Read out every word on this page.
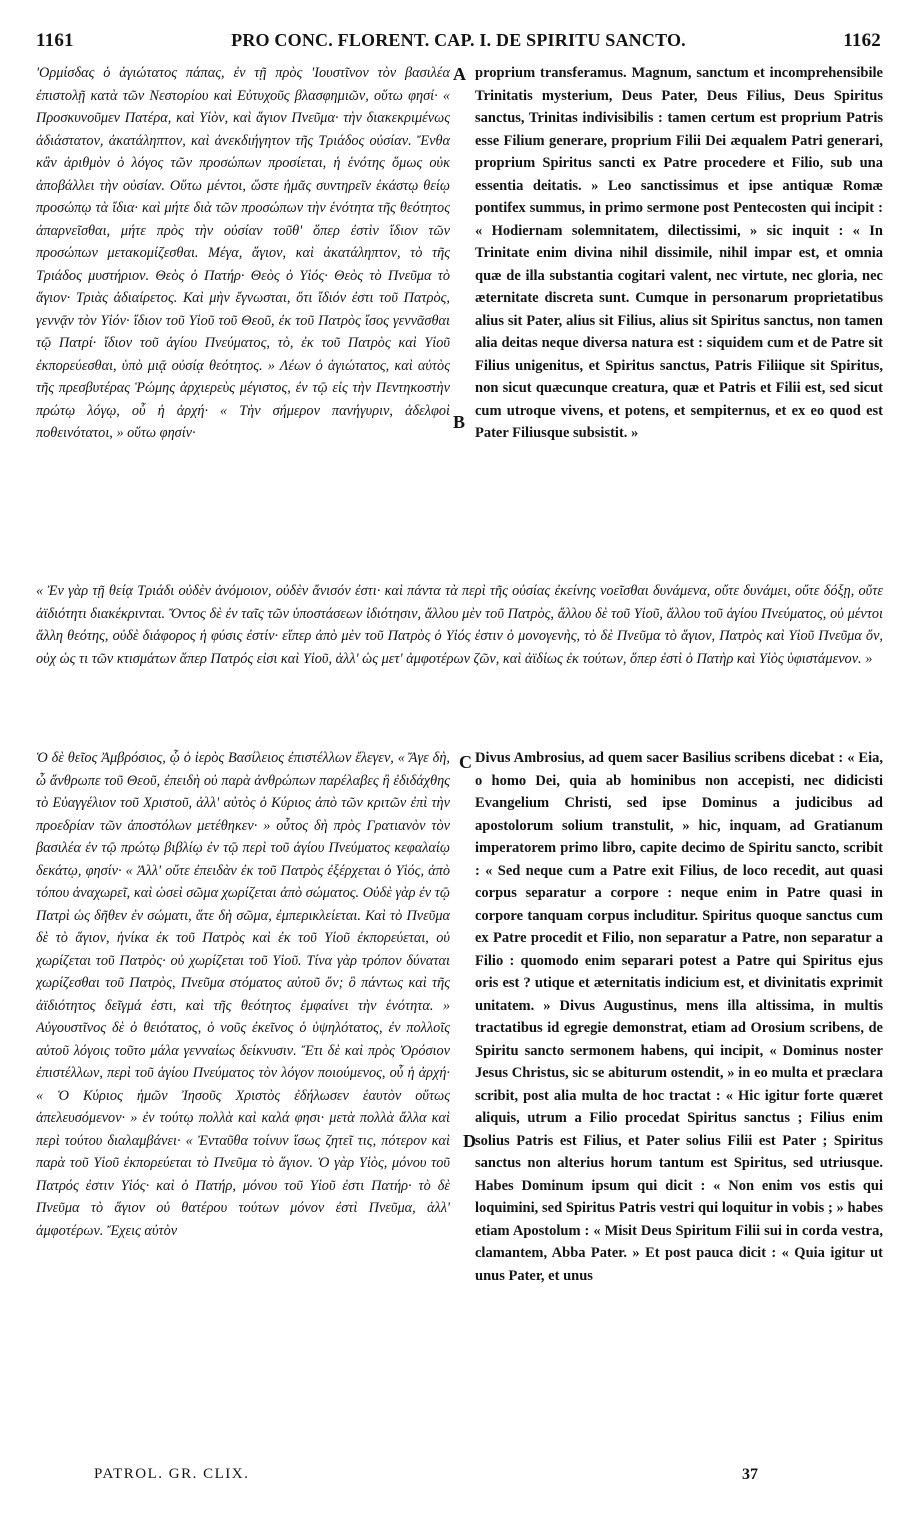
1161	PRO CONC. FLORENT. CAP. I. DE SPIRITU SANCTO.	1162
'Ορμίσδας ὁ ἁγιώτατος πάπας, ἐν τῇ πρὸς 'Ιουστῖνον τὸν βασιλέα ἐπιστολῇ κατὰ τῶν Νεστορίου καὶ Εὐτυχοῦς βλασφημιῶν, οὕτω φησί· « Προσκυνοῦμεν Πατέρα, καὶ Υἱὸν, καὶ ἅγιον Πνεῦμα· τὴν διακεκριμένως ἀδιάστατον, ἀκατάληπτον, καὶ ἀνεκδιήγητον τῆς Τριάδος οὐσίαν. Ἔνθα κἂν ἀριθμὸν ὁ λόγος τῶν προσώπων προσίεται, ἡ ἑνότης ὅμως οὐκ ἀποβάλλει τὴν οὐσίαν. Οὕτω μέντοι, ὥστε ἡμᾶς συντηρεῖν ἑκάστῳ θείῳ προσώπῳ τὰ ἴδια· καὶ μήτε διὰ τῶν προσώπων τὴν ἑνότητα τῆς θεότητος ἀπαρνεῖσθαι, μήτε πρὸς τὴν οὐσίαν τοῦθ' ὅπερ ἐστὶν ἴδιον τῶν προσώπων μετακομίζεσθαι. Μέγα, ἅγιον, καὶ ἀκατάληπτον, τὸ τῆς Τριάδος μυστήριον. Θεὸς ὁ Πατήρ· Θεὸς ὁ Υἱός· Θεὸς τὸ Πνεῦμα τὸ ἅγιον· Τριὰς ἀδιαίρετος. Καὶ μὴν ἔγνωσται, ὅτι ἴδιόν ἐστι τοῦ Πατρὸς, γεννᾷν τὸν Υἱόν· ἴδιον τοῦ Υἱοῦ τοῦ Θεοῦ, ἐκ τοῦ Πατρὸς ἴσος γεννᾶσθαι τῷ Πατρί· ἴδιον τοῦ ἁγίου Πνεύματος, τὸ, ἐκ τοῦ Πατρὸς καὶ Υἱοῦ ἐκπορεύεσθαι, ὑπὸ μιᾷ οὐσίᾳ θεότητος. » Λέων ὁ ἁγιώτατος, καὶ αὐτὸς τῆς πρεσβυτέρας Ῥώμης ἀρχιερεὺς μέγιστος, ἐν τῷ εἰς τὴν Πεντηκοστὴν πρώτῳ λόγῳ, οὗ ἡ ἀρχή· « Τὴν σήμερον πανήγυριν, ἀδελφοὶ ποθεινότατοι, » οὕτω φησίν·
proprium transferamus. Magnum, sanctum et incomprehensibile Trinitatis mysterium, Deus Pater, Deus Filius, Deus Spiritus sanctus, Trinitas indivisibilis : tamen certum est proprium Patris esse Filium generare, proprium Filii Dei æqualem Patri generari, proprium Spiritus sancti ex Patre procedere et Filio, sub una essentia deitatis. » Leo sanctissimus et ipse antiquæ Romæ pontifex summus, in primo sermone post Pentecosten qui incipit : « Hodiernam solemnitatem, dilectissimi, » sic inquit : « In Trinitate enim divina nihil dissimile, nihil impar est, et omnia quæ de illa substantia cogitari valent, nec virtute, nec gloria, nec æternitate discreta sunt. Cumque in personarum proprietatibus alius sit Pater, alius sit Filius, alius sit Spiritus sanctus, non tamen alia deitas neque diversa natura est : siquidem cum et de Patre sit Filius unigenitus, et Spiritus sanctus, Patris Filiique sit Spiritus, non sicut quæcunque creatura, quæ et Patris et Filii est, sed sicut cum utroque vivens, et potens, et sempiternus, et ex eo quod est Pater Filiusque subsistit. »
« Ἐν γὰρ τῇ θείᾳ Τριάδι οὐδὲν ἀνόμοιον, οὐδὲν ἄνισόν ἐστι· καὶ πάντα τὰ περὶ τῆς οὐσίας ἐκείνης νοεῖσθαι δυνάμενα, οὔτε δυνάμει, οὔτε δόξῃ, οὔτε ἀϊδιότητι διακέκρινται. Ὄντος δὲ ἐν ταῖς τῶν ὑποστάσεων ἰδιότησιν, ἄλλου μὲν τοῦ Πατρὸς, ἄλλου δὲ τοῦ Υἱοῦ, ἄλλου τοῦ ἁγίου Πνεύματος, οὐ μέντοι ἄλλη θεότης, οὐδὲ διάφορος ἡ φύσις ἐστίν· εἴπερ ἀπὸ μὲν τοῦ Πατρὸς ὁ Υἱός ἐστιν ὁ μονογενὴς, τὸ δὲ Πνεῦμα τὸ ἅγιον, Πατρὸς καὶ Υἱοῦ Πνεῦμα ὄν, οὐχ ὡς τι τῶν κτισμάτων ἅπερ Πατρός εἰσι καὶ Υἱοῦ, ἀλλ' ὡς μετ' ἀμφοτέρων ζῶν, καὶ ἀϊδίως ἐκ τούτων, ὅπερ ἐστὶ ὁ Πατὴρ καὶ Υἱὸς ὑφιστάμενον. »
Ὁ δὲ θεῖος Ἀμβρόσιος, ᾧ ὁ ἱερὸς Βασίλειος ἐπιστέλλων ἔλεγεν, « Ἄγε δὴ, ὦ ἄνθρωπε τοῦ Θεοῦ, ἐπειδὴ οὐ παρὰ ἀνθρώπων παρέλαβες ἢ ἐδιδάχθης τὸ Εὐαγγέλιον τοῦ Χριστοῦ, ἀλλ' αὐτὸς ὁ Κύριος ἀπὸ τῶν κριτῶν ἐπὶ τὴν προεδρίαν τῶν ἀποστόλων μετέθηκεν· » οὗτος δὴ πρὸς Γρατιανὸν τὸν βασιλέα ἐν τῷ πρώτῳ βιβλίῳ ἐν τῷ περὶ τοῦ ἁγίου Πνεύματος κεφαλαίῳ δεκάτῳ, φησίν· « Ἀλλ' οὔτε ἐπειδὰν ἐκ τοῦ Πατρὸς ἐξέρχεται ὁ Υἱός, ἀπὸ τόπου ἀναχωρεῖ, καὶ ὡσεὶ σῶμα χωρίζεται ἀπὸ σώματος. Οὐδὲ γὰρ ἐν τῷ Πατρὶ ὡς δῆθεν ἐν σώματι, ἅτε δὴ σῶμα, ἐμπερικλείεται. Καὶ τὸ Πνεῦμα δὲ τὸ ἅγιον, ἡνίκα ἐκ τοῦ Πατρὸς καὶ ἐκ τοῦ Υἱοῦ ἐκπορεύεται, οὐ χωρίζεται τοῦ Πατρὸς· οὐ χωρίζεται τοῦ Υἱοῦ. Τίνα γὰρ τρόπον δύναται χωρίζεσθαι τοῦ Πατρὸς, Πνεῦμα στόματος αὐτοῦ ὄν; ὃ πάντως καὶ τῆς ἀϊδιότητος δεῖγμά ἐστι, καὶ τῆς θεότητος ἐμφαίνει τὴν ἑνότητα. » Αὐγουστῖνος δὲ ὁ θειότατος, ὁ νοῦς ἐκεῖνος ὁ ὑψηλότατος, ἐν πολλοῖς αὐτοῦ λόγοις τοῦτο μάλα γενναίως δείκνυσιν. Ἔτι δὲ καὶ πρὸς Ὀρόσιον ἐπιστέλλων, περὶ τοῦ ἁγίου Πνεύματος τὸν λόγον ποιούμενος, οὗ ἡ ἀρχή· « Ὁ Κύριος ἡμῶν Ἰησοῦς Χριστὸς ἐδήλωσεν ἑαυτὸν οὕτως ἀπελευσόμενον· » ἐν τούτῳ πολλὰ καὶ καλά φησι· μετὰ πολλὰ ἄλλα καὶ περὶ τούτου διαλαμβάνει· « Ἐνταῦθα τοίνυν ἴσως ζητεῖ τις, πότερον καὶ παρὰ τοῦ Υἱοῦ ἐκπορεύεται τὸ Πνεῦμα τὸ ἅγιον. Ὁ γὰρ Υἱὸς, μόνου τοῦ Πατρός ἐστιν Υἱός· καὶ ὁ Πατήρ, μόνου τοῦ Υἱοῦ ἐστι Πατήρ· τὸ δὲ Πνεῦμα τὸ ἅγιον οὐ θατέρου τούτων μόνον ἐστὶ Πνεῦμα, ἀλλ' ἀμφοτέρων. Ἔχεις αὐτὸν
Divus Ambrosius, ad quem sacer Basilius scribens dicebat : « Eia, o homo Dei, quia ab hominibus non accepisti, nec didicisti Evangelium Christi, sed ipse Dominus a judicibus ad apostolorum solium transtulit, » hic, inquam, ad Gratianum imperatorem primo libro, capite decimo de Spiritu sancto, scribit : « Sed neque cum a Patre exit Filius, de loco recedit, aut quasi corpus separatur a corpore : neque enim in Patre quasi in corpore tanquam corpus includitur. Spiritus quoque sanctus cum ex Patre procedit et Filio, non separatur a Patre, non separatur a Filio : quomodo enim separari potest a Patre qui Spiritus ejus oris est ? utique et æternitatis indicium est, et divinitatis exprimit unitatem. » Divus Augustinus, mens illa altissima, in multis tractatibus id egregie demonstrat, etiam ad Orosium scribens, de Spiritu sancto sermonem habens, qui incipit, « Dominus noster Jesus Christus, sic se abiturum ostendit, » in eo multa et præclara scribit, post alia multa de hoc tractat : « Hic igitur forte quæret aliquis, utrum a Filio procedat Spiritus sanctus ; Filius enim solius Patris est Filius, et Pater solius Filii est Pater ; Spiritus sanctus non alterius horum tantum est Spiritus, sed utriusque. Habes Dominum ipsum qui dicit : « Non enim vos estis qui loquimini, sed Spiritus Patris vestri qui loquitur in vobis ; » habes etiam Apostolum : « Misit Deus Spiritum Filii sui in corda vestra, clamantem, Abba Pater. » Et post pauca dicit : « Quia igitur ut unus Pater, et unus
A
B
C
D
PATROL. GR. CLIX.	37
